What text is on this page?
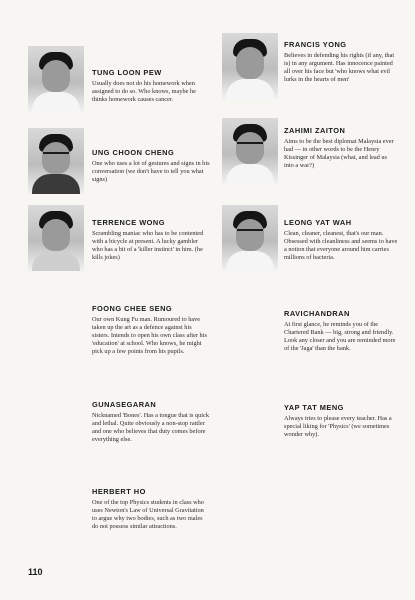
TUNG LOON PEW

Usually does not do his homework when assigned to do so. Who knows, maybe he thinks homework causes cancer.

FRANCIS YONG

Believes in defending his rights (if any, that is) in any argument. Has innocence painted all over his face but 'who knows what evil lurks in the hearts of men'

UNG CHOON CHENG

One who uses a lot of gestures and signs in his conversation (we don't have to tell you what signs)

ZAHIMI ZAITON

Aims to be the best diplomat Malaysia ever had — in other words to be the Henry Kissinger of Malaysia (what, and lead us into a war?)

TERRENCE WONG

Scrambling maniac who has to be contented with a bicycle at present. A lucky gambler who has a bit of a 'killer instinct' in him. (he kills jokes)

LEONG YAT WAH

Clean, cleaner, cleanest, that's our man. Obsessed with cleanliness and seems to have a notion that everyone around him carries millions of bacteria.

FOONG CHEE SENG

Our own Kung Fu man. Rumoured to have taken up the art as a defence against his sisters. Intends to open his own class after his 'education' at school. Who knows, he might pick up a few points from his pupils.

RAVICHANDRAN

At first glance, he reminds you of the Chartered Bank — big, strong and friendly. Look any closer and you are reminded more of the 'Jaga' than the bank.

GUNASEGARAN

Nicknamed 'Bones'. Has a tongue that is quick and lethal. Quite obviously a non-stop rattler and one who believes that duty comes before everything else.

YAP TAT MENG

Always tries to please every teacher. Has a special liking for 'Physics' (we sometimes wonder why).

HERBERT HO

One of the top Physics students in class who uses Newton's Law of Universal Gravitation to argue why two bodies, such as two males do not possess similar attractions.

110
